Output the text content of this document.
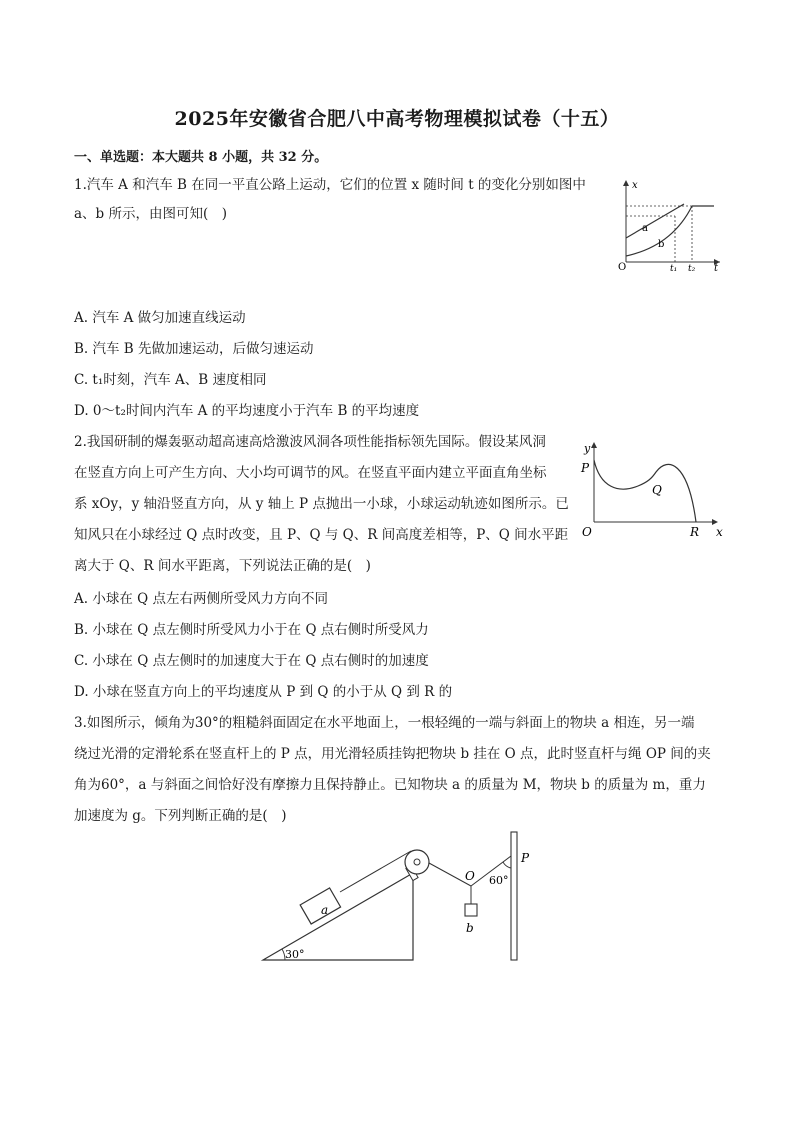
2025年安徽省合肥八中高考物理模拟试卷（十五）
一、单选题：本大题共 8 小题，共 32 分。
1.汽车 A 和汽车 B 在同一平直公路上运动，它们的位置 x 随时间 t 的变化分别如图中
a、b 所示，由图可知(　)
x
t
O
a
b
t₁ t₂
A. 汽车 A 做匀加速直线运动
B. 汽车 B 先做加速运动，后做匀速运动
C. t₁时刻，汽车 A、B 速度相同
D. 0～t₂时间内汽车 A 的平均速度小于汽车 B 的平均速度
2.我国研制的爆轰驱动超高速高焓激波风洞各项性能指标领先国际。假设某风洞
在竖直方向上可产生方向、大小均可调节的风。在竖直平面内建立平面直角坐标
系 xOy，y 轴沿竖直方向，从 y 轴上 P 点抛出一小球，小球运动轨迹如图所示。已
知风只在小球经过 Q 点时改变，且 P、Q 与 Q、R 间高度差相等，P、Q 间水平距
离大于 Q、R 间水平距离，下列说法正确的是(　)
O
y
x
P
Q
R
A. 小球在 Q 点左右两侧所受风力方向不同
B. 小球在 Q 点左侧时所受风力小于在 Q 点右侧时所受风力
C. 小球在 Q 点左侧时的加速度大于在 Q 点右侧时的加速度
D. 小球在竖直方向上的平均速度从 P 到 Q 的小于从 Q 到 R 的
3.如图所示，倾角为30°的粗糙斜面固定在水平地面上，一根轻绳的一端与斜面上的物块 a 相连，另一端
绕过光滑的定滑轮系在竖直杆上的 P 点，用光滑轻质挂钩把物块 b 挂在 O 点，此时竖直杆与绳 OP 间的夹
角为60°，a 与斜面之间恰好没有摩擦力且保持静止。已知物块 a 的质量为 M，物块 b 的质量为 m，重力
加速度为 g。下列判断正确的是(　)
30°
a
b
O
P
60°
